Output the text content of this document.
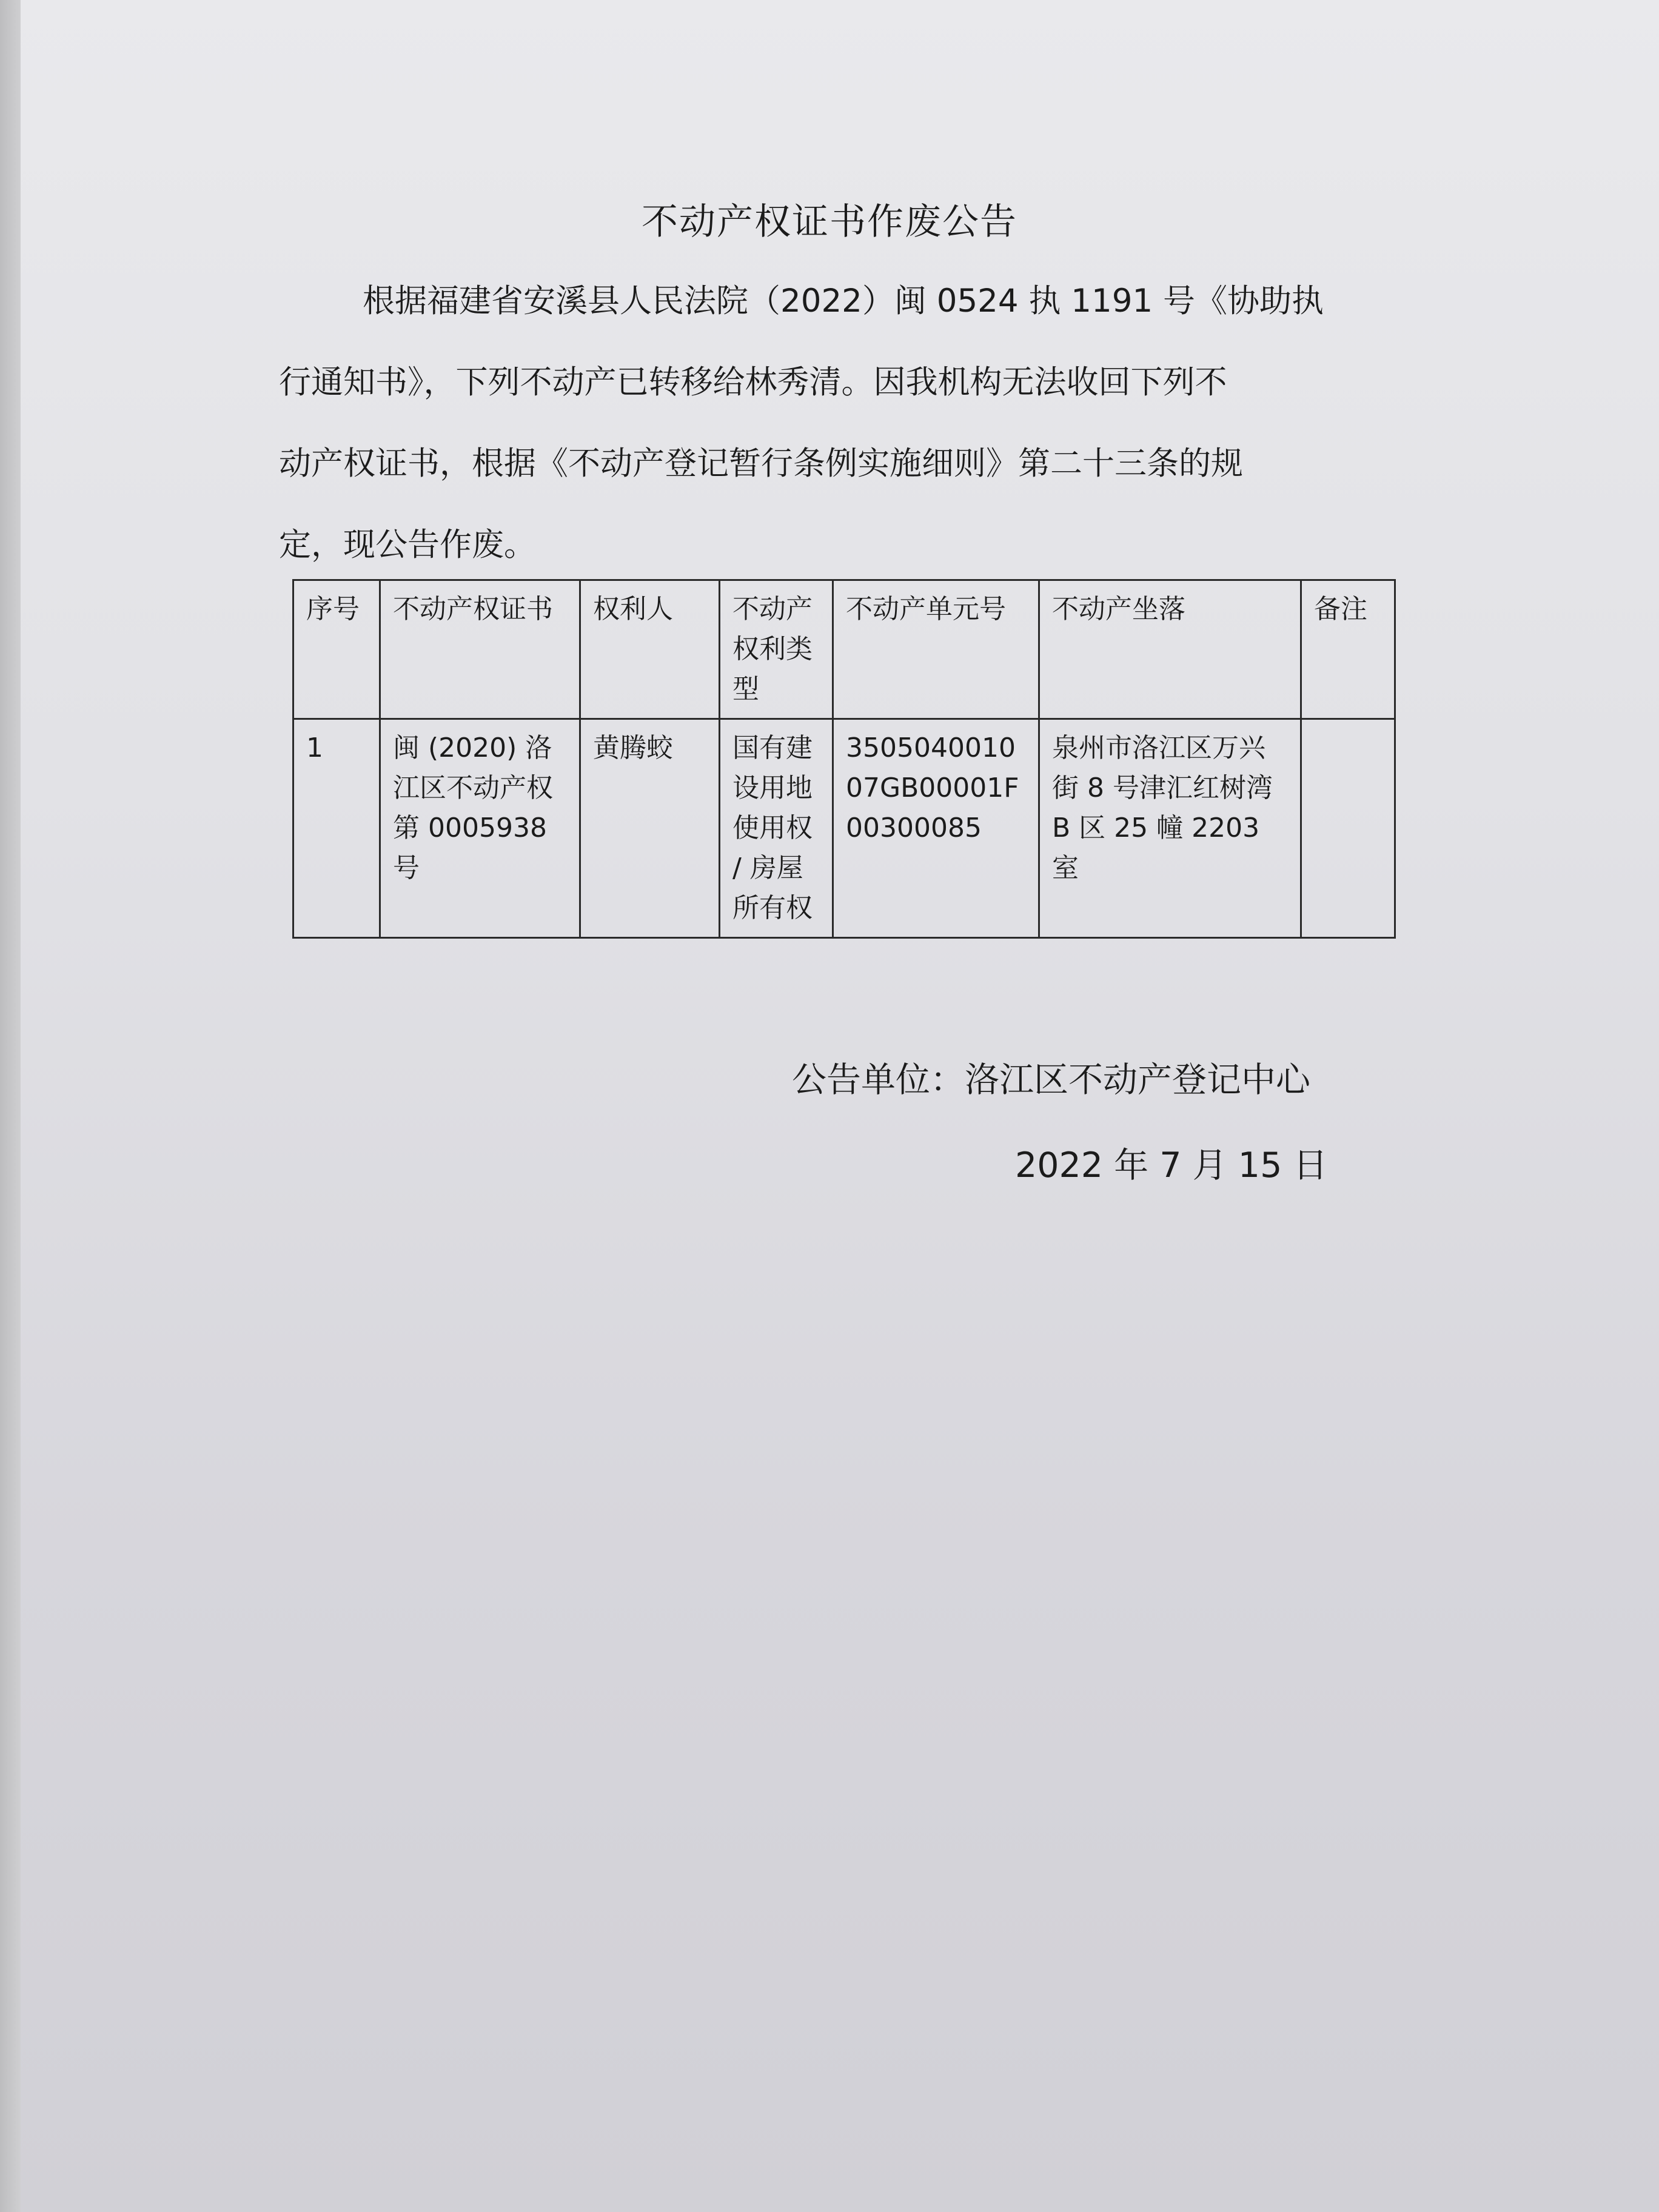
不动产权证书作废公告
根据福建省安溪县人民法院（2022）闽 0524 执 1191 号《协助执
行通知书》，下列不动产已转移给林秀清。因我机构无法收回下列不
动产权证书，根据《不动产登记暂行条例实施细则》第二十三条的规
定，现公告作废。
序号	不动产权证书	权利人	不动产权利类型	不动产单元号	不动产坐落	备注
1	闽 (2020) 洛江区不动产权第 0005938 号	黄腾蛟	国有建设用地使用权 / 房屋所有权	350504001007GB00001F00300085	泉州市洛江区万兴街 8 号津汇红树湾 B 区 25 幢 2203 室	
公告单位：洛江区不动产登记中心
2022 年 7 月 15 日
